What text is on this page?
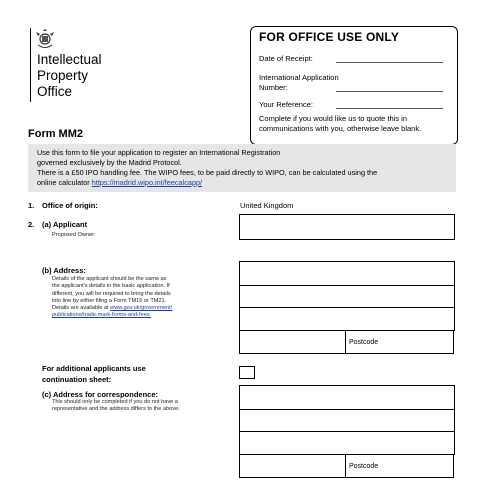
Intellectual
Property
Office
FOR OFFICE USE ONLY
Date of Receipt:
International Application
Number:
Your Reference:
Complete if you would like us to quote this in
communications with you, otherwise leave blank.
Form MM2
Use this form to file your application to register an International Registration
governed exclusively by the Madrid Protocol.
There is a £50 IPO handling fee. The WIPO fees, to be paid directly to WIPO, can be calculated using the
online calculator https://madrid.wipo.int/feecalcapp/
1. Office of origin:	United Kingdom
2. (a) Applicant
Proposed Owner:
(b) Address:
Details of the applicant should be the same as
the applicant's details in the basic application. If
different, you will be required to bring the details
into line by either filing a Form TM16 or TM21.
Details are available at www.gov.uk/government/
publications/trade-mark-forms-and-fees.
Postcode
For additional applicants use
continuation sheet:
(c) Address for correspondence:
This should only be completed if you do not have a
representative and the address differs to the above.
Postcode
